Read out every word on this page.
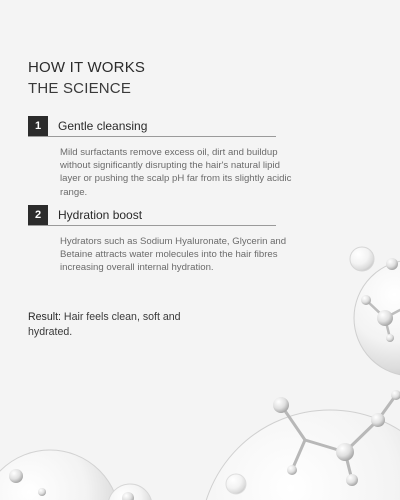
HOW IT WORKS
THE SCIENCE
1	Gentle cleansing
Mild surfactants remove excess oil, dirt and buildup without significantly disrupting the hair's natural lipid layer or pushing the scalp pH far from its slightly acidic range.
2	Hydration boost
Hydrators such as Sodium Hyaluronate, Glycerin and Betaine attracts water molecules into the hair fibres increasing overall internal hydration.
Result: Hair feels clean, soft and hydrated.
